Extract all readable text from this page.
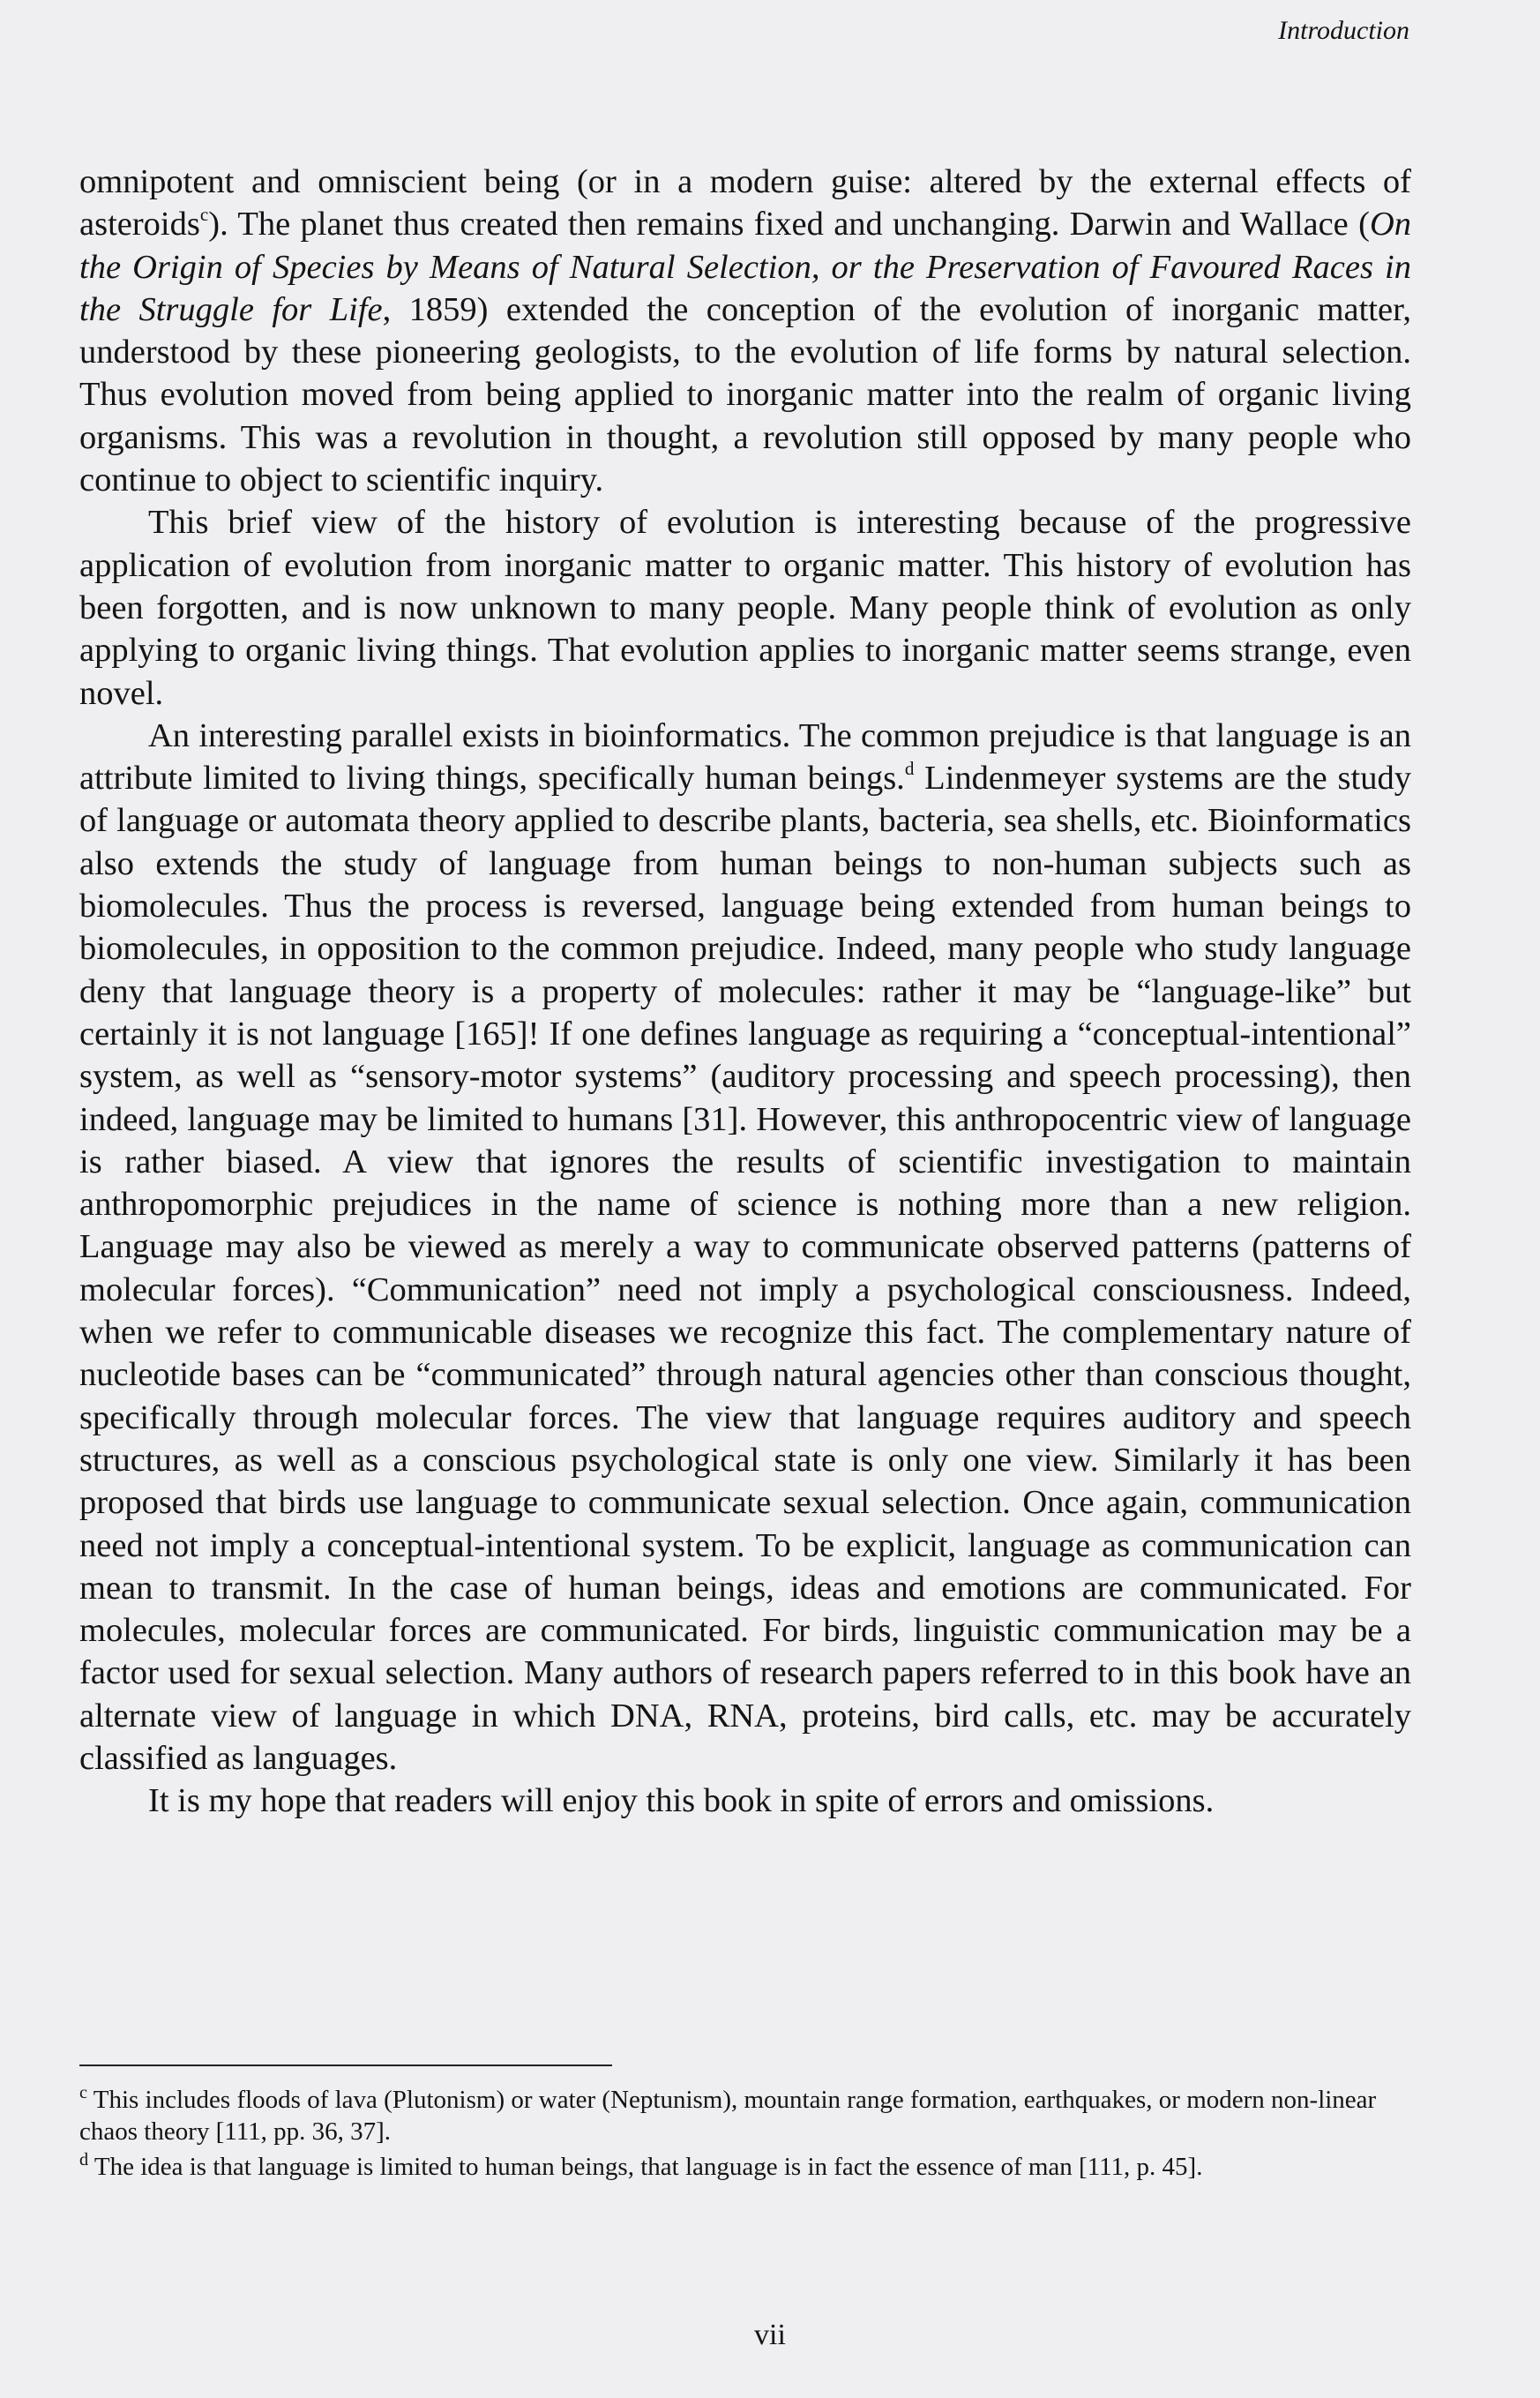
Introduction

omnipotent and omniscient being (or in a modern guise: altered by the external effects of asteroids$^c$). The planet thus created then remains fixed and unchanging. Darwin and Wallace (On the Origin of Species by Means of Natural Selection, or the Preservation of Favoured Races in the Struggle for Life, 1859) extended the conception of the evolution of inorganic matter, understood by these pioneering geologists, to the evolution of life forms by natural selection. Thus evolution moved from being applied to inorganic matter into the realm of organic living organisms. This was a revolution in thought, a revolution still opposed by many people who continue to object to scientific inquiry.

This brief view of the history of evolution is interesting because of the progressive application of evolution from inorganic matter to organic matter. This history of evolution has been forgotten, and is now unknown to many people. Many people think of evolution as only applying to organic living things. That evolution applies to inorganic matter seems strange, even novel.

An interesting parallel exists in bioinformatics. The common prejudice is that language is an attribute limited to living things, specifically human beings.$^d$ Lindenmeyer systems are the study of language or automata theory applied to describe plants, bacteria, sea shells, etc. Bioinformatics also extends the study of language from human beings to non-human subjects such as biomolecules. Thus the process is reversed, language being extended from human beings to biomolecules, in opposition to the common prejudice. Indeed, many people who study language deny that language theory is a property of molecules: rather it may be “language-like” but certainly it is not language [165]! If one defines language as requiring a “conceptual-intentional” system, as well as “sensory-motor systems” (auditory processing and speech processing), then indeed, language may be limited to humans [31]. However, this anthropocentric view of language is rather biased. A view that ignores the results of scientific investigation to maintain anthropomorphic prejudices in the name of science is nothing more than a new religion. Language may also be viewed as merely a way to communicate observed patterns (patterns of molecular forces). “Communication” need not imply a psychological consciousness. Indeed, when we refer to communicable diseases we recognize this fact. The complementary nature of nucleotide bases can be “communicated” through natural agencies other than conscious thought, specifically through molecular forces. The view that language requires auditory and speech structures, as well as a conscious psychological state is only one view. Similarly it has been proposed that birds use language to communicate sexual selection. Once again, communication need not imply a conceptual-intentional system. To be explicit, language as communication can mean to transmit. In the case of human beings, ideas and emotions are communicated. For molecules, molecular forces are communicated. For birds, linguistic communication may be a factor used for sexual selection. Many authors of research papers referred to in this book have an alternate view of language in which DNA, RNA, proteins, bird calls, etc. may be accurately classified as languages.

It is my hope that readers will enjoy this book in spite of errors and omissions.

$^c$ This includes floods of lava (Plutonism) or water (Neptunism), mountain range formation, earthquakes, or modern non-linear chaos theory [111, pp. 36, 37].

$^d$ The idea is that language is limited to human beings, that language is in fact the essence of man [111, p. 45].

vii
